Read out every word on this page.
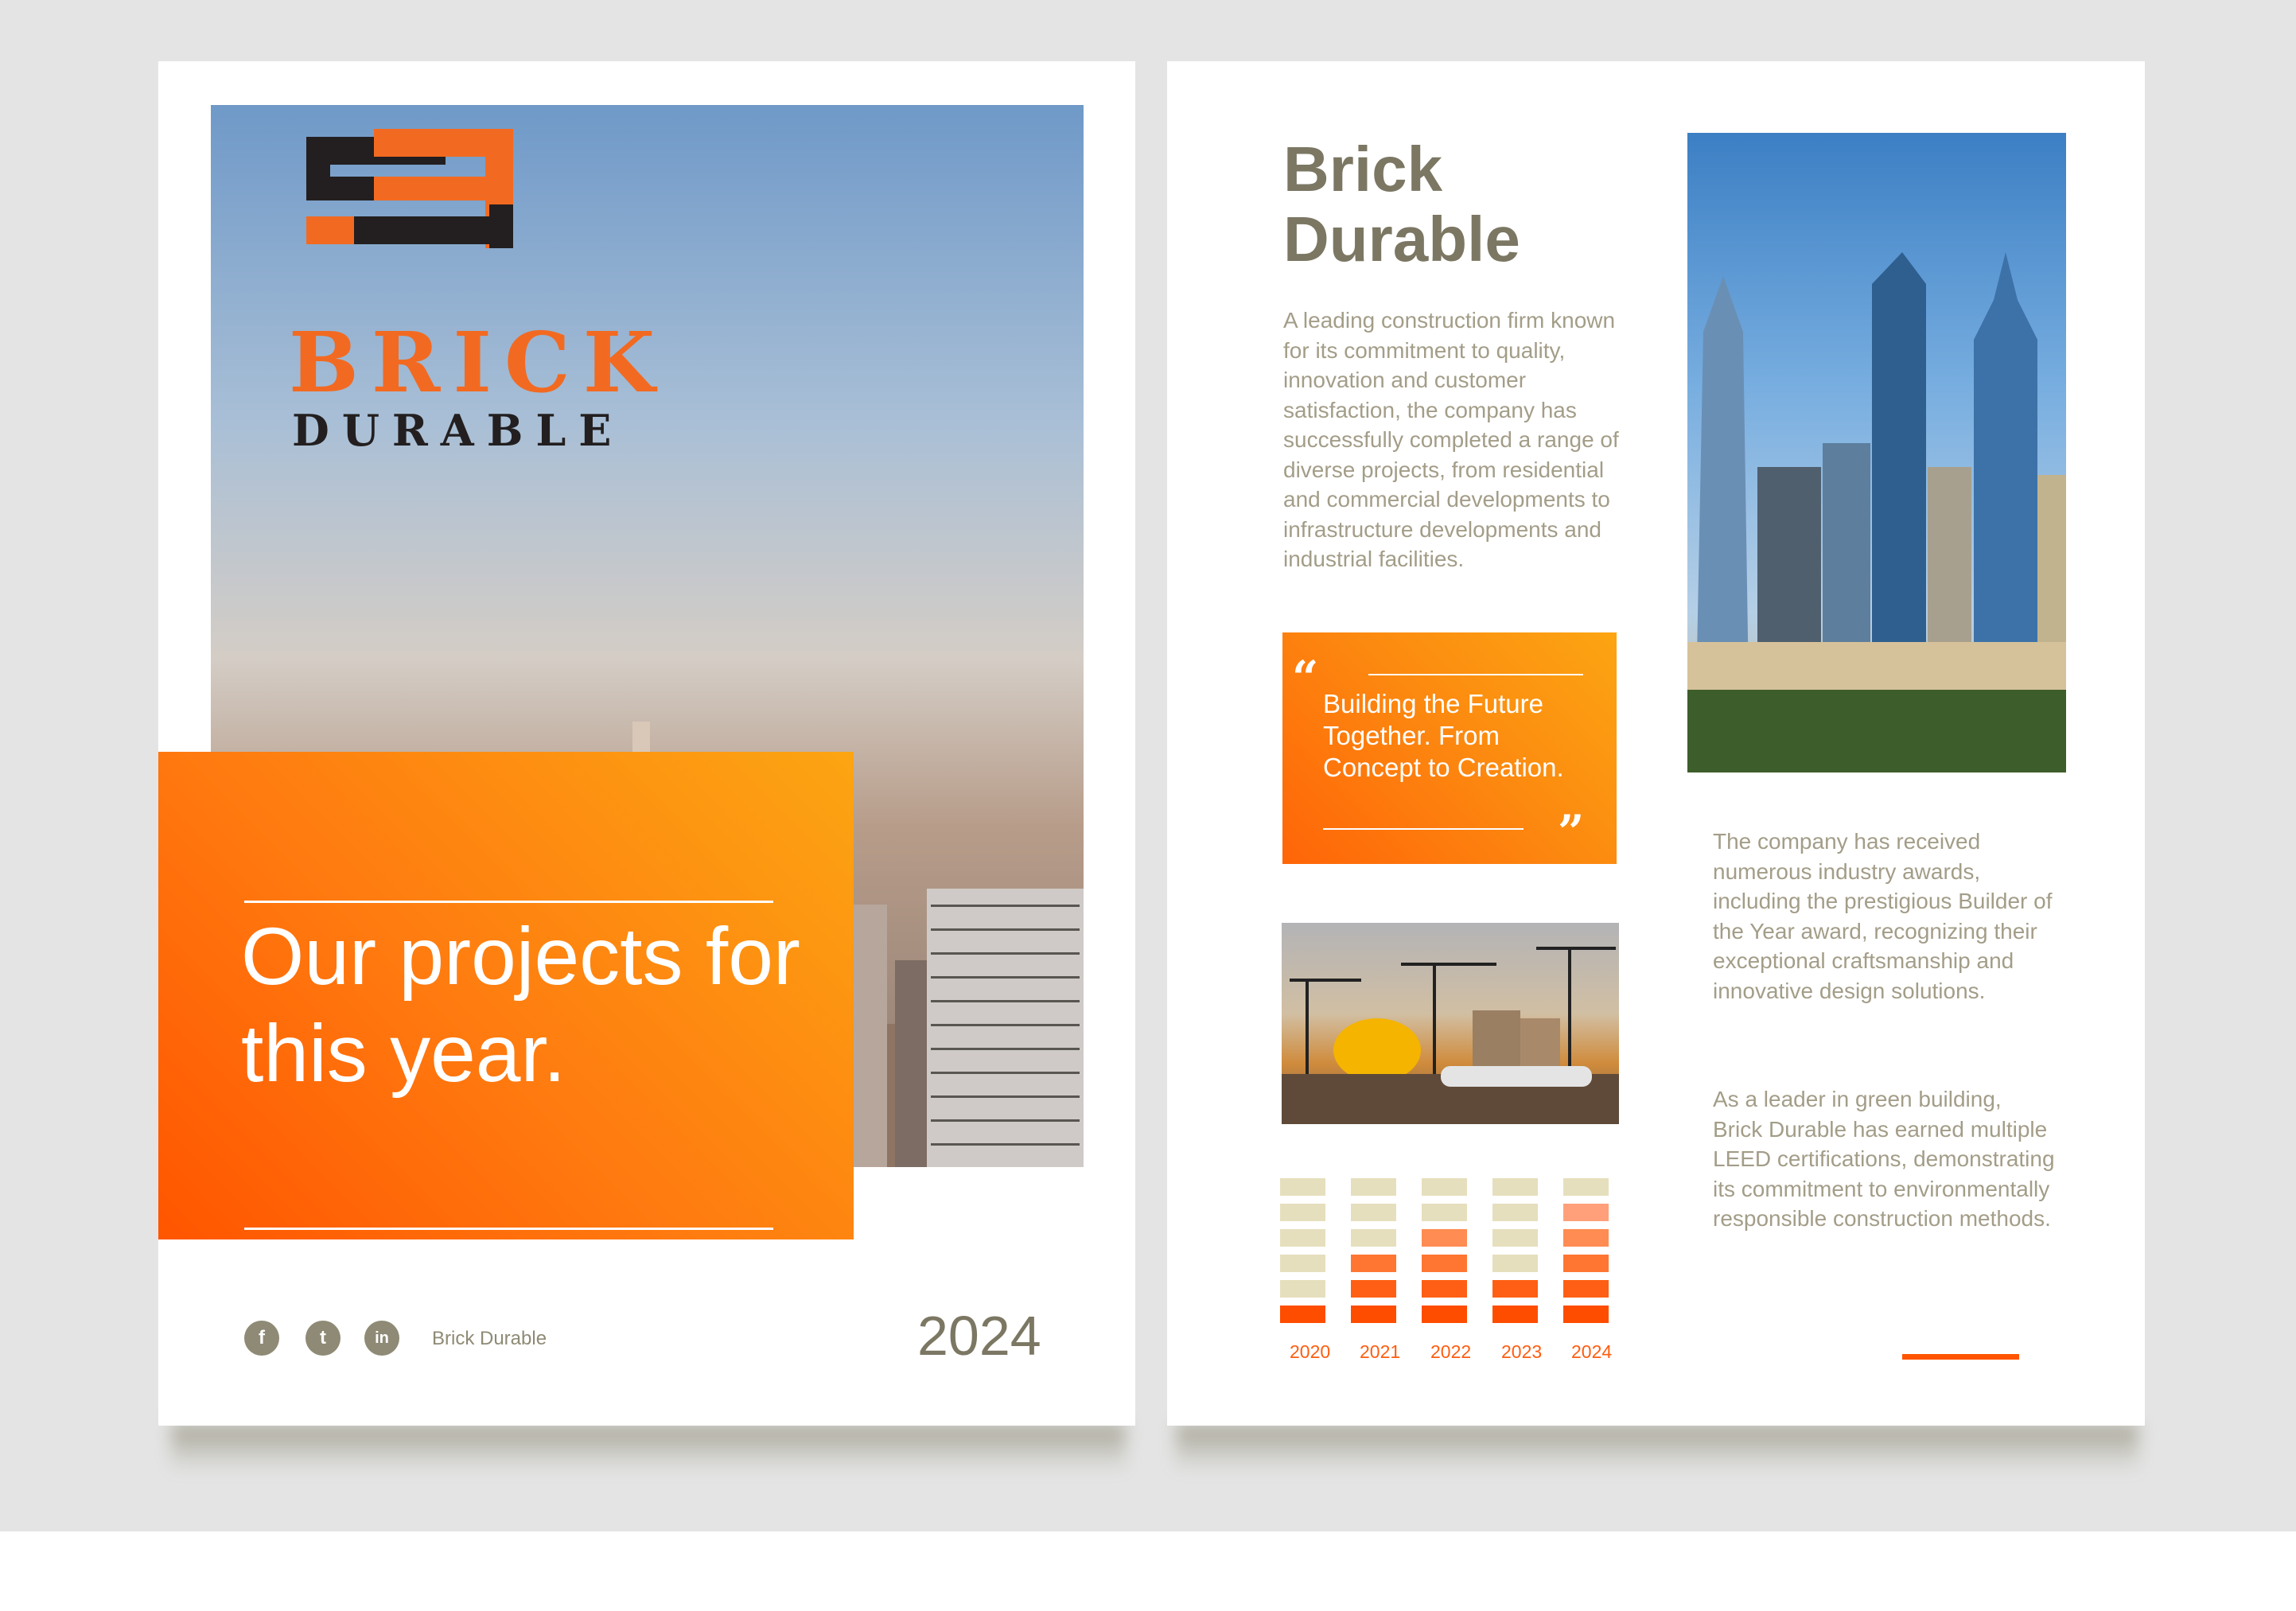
BRICK
DURABLE
Our projects for this year.
f	t	in	Brick Durable	2024
Brick
Durable

A leading construction firm known for its commitment to quality, innovation and customer satisfaction, the company has successfully completed a range of diverse projects, from residential and commercial developments to infrastructure developments and industrial facilities.

“ Building the Future Together. From Concept to Creation.

”
2020 2021 2022 2023 2024

The company has received numerous industry awards, including the prestigious Builder of the Year award, recognizing their exceptional craftsmanship and innovative design solutions.

As a leader in green building, Brick Durable has earned multiple LEED certifications, demonstrating its commitment to environmentally responsible construction methods.
